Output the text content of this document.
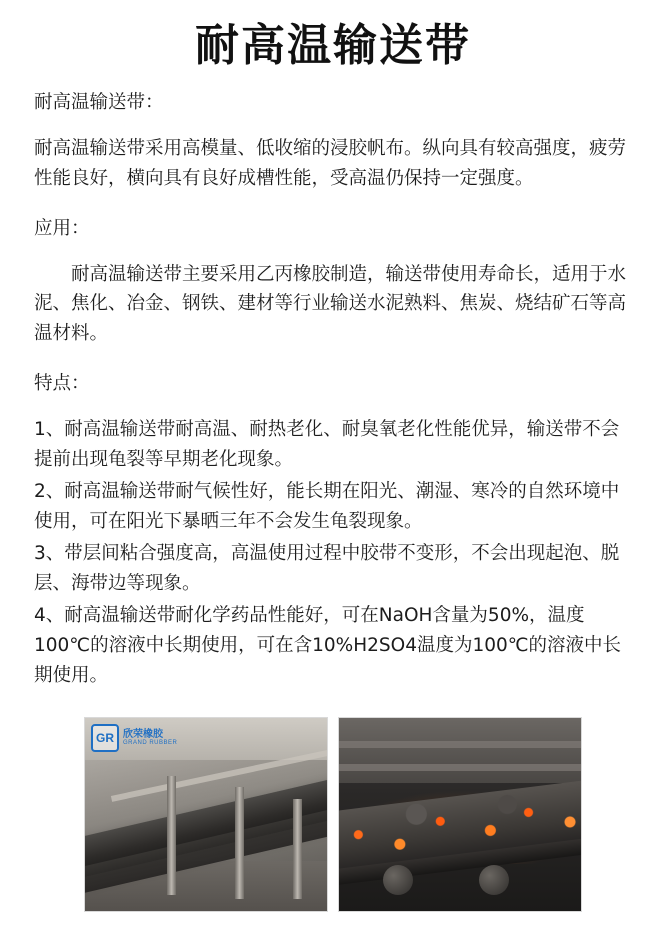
耐高温输送带
耐高温输送带：

耐高温输送带采用高模量、低收缩的浸胶帆布。纵向具有较高强度，疲劳性能良好，横向具有良好成槽性能，受高温仍保持一定强度。

应用：

耐高温输送带主要采用乙丙橡胶制造，输送带使用寿命长，适用于水泥、焦化、冶金、钢铁、建材等行业输送水泥熟料、焦炭、烧结矿石等高温材料。

特点：

1、耐高温输送带耐高温、耐热老化、耐臭氧老化性能优异，输送带不会提前出现龟裂等早期老化现象。

2、耐高温输送带耐气候性好，能长期在阳光、潮湿、寒冷的自然环境中使用，可在阳光下暴晒三年不会发生龟裂现象。

3、带层间粘合强度高，高温使用过程中胶带不变形，不会出现起泡、脱层、海带边等现象。

4、耐高温输送带耐化学药品性能好，可在NaOH含量为50%，温度100℃的溶液中长期使用，可在含10%H2SO4温度为100℃的溶液中长期使用。

GR 欣荣橡胶
GRAND RUBBER
